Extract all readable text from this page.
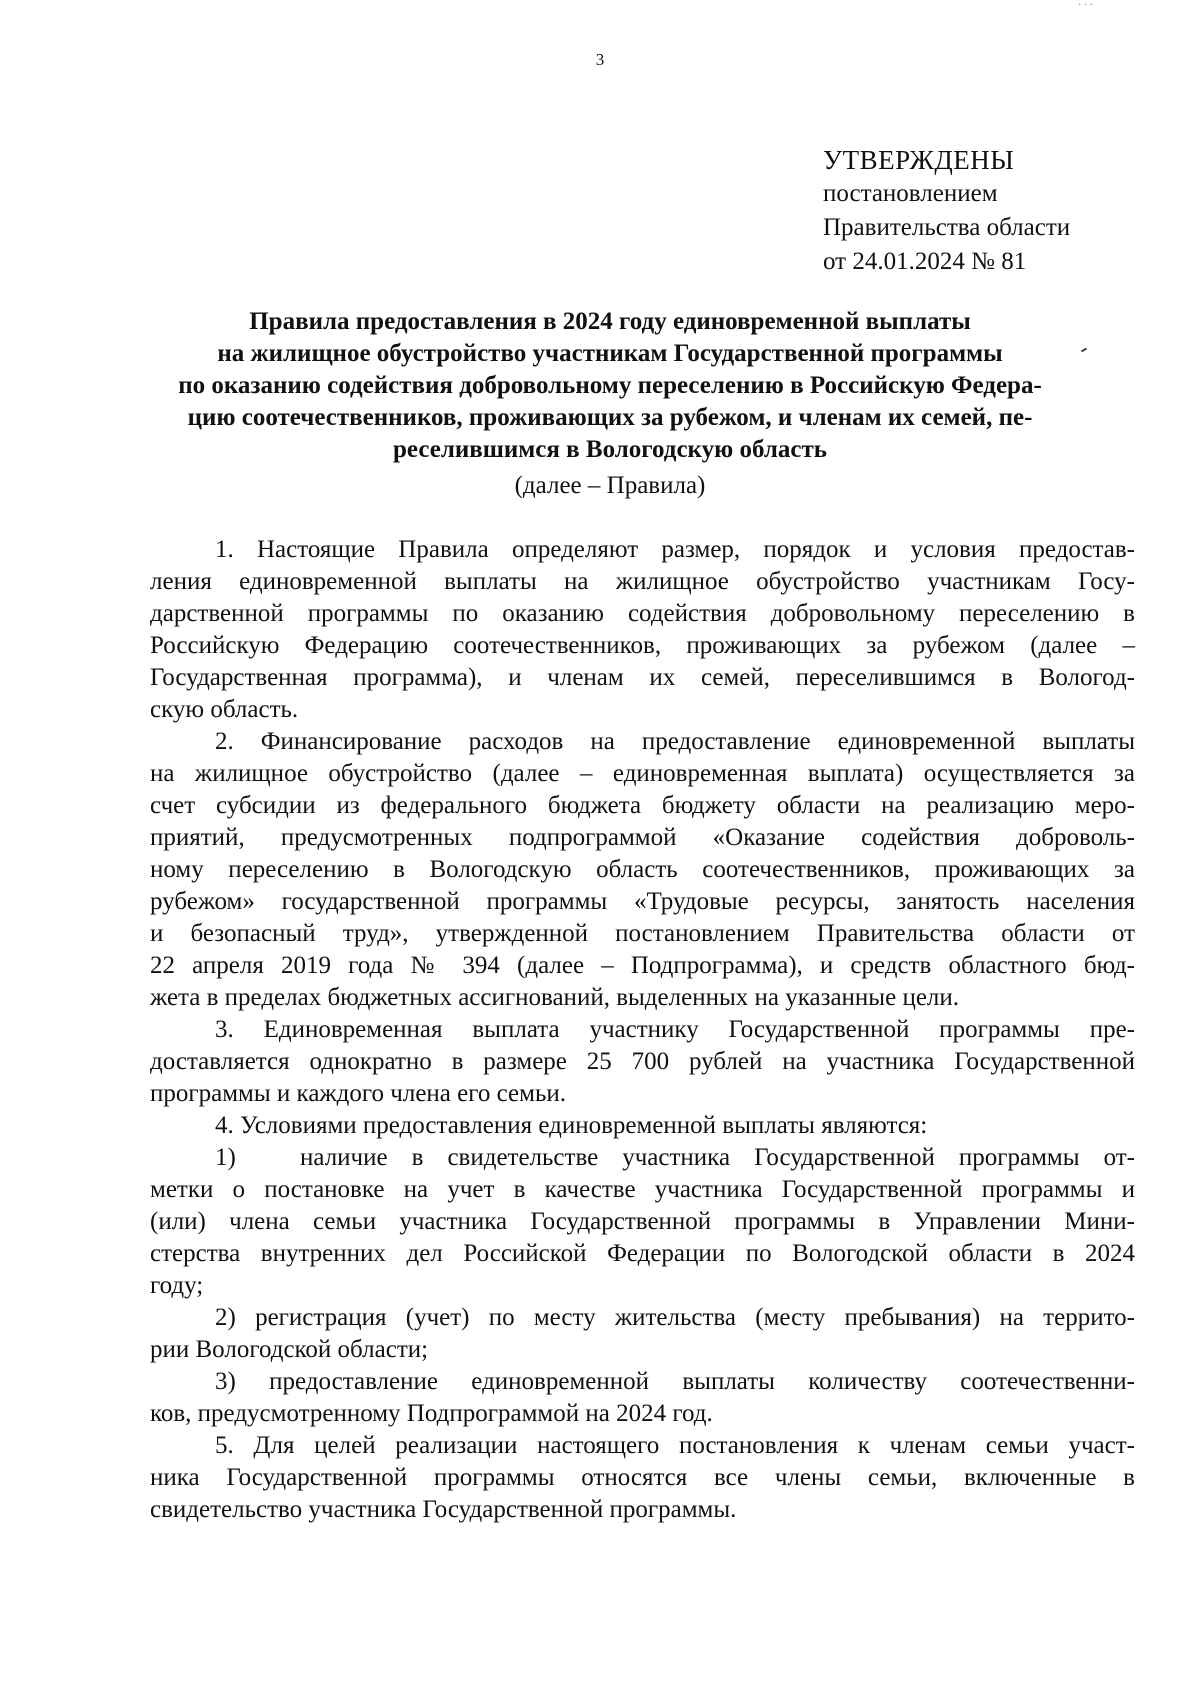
· · ·
3
УТВЕРЖДЕНЫ
постановлением
Правительства области
от 24.01.2024 № 81
Правила предоставления в 2024 году единовременной выплаты
на жилищное обустройство участникам Государственной программы
по оказанию содействия добровольному переселению в Российскую Федера-
цию соотечественников, проживающих за рубежом, и членам их семей, пе-
реселившимся в Вологодскую область
(далее – Правила)
1. Настоящие Правила определяют размер, порядок и условия предостав-
ления единовременной выплаты на жилищное обустройство участникам Госу-
дарственной программы по оказанию содействия добровольному переселению в
Российскую Федерацию соотечественников, проживающих за рубежом (далее –
Государственная программа), и членам их семей, переселившимся в Вологод-
скую область.
2. Финансирование расходов на предоставление единовременной выплаты
на жилищное обустройство (далее – единовременная выплата) осуществляется за
счет субсидии из федерального бюджета бюджету области на реализацию меро-
приятий, предусмотренных подпрограммой «Оказание содействия доброволь-
ному переселению в Вологодскую область соотечественников, проживающих за
рубежом» государственной программы «Трудовые ресурсы, занятость населения
и безопасный труд», утвержденной постановлением Правительства области от
22 апреля 2019 года № 394 (далее – Подпрограмма), и средств областного бюд-
жета в пределах бюджетных ассигнований, выделенных на указанные цели.
3. Единовременная выплата участнику Государственной программы пре-
доставляется однократно в размере 25 700 рублей на участника Государственной
программы и каждого члена его семьи.
4. Условиями предоставления единовременной выплаты являются:
1)	наличие в свидетельстве участника Государственной программы от-
метки о постановке на учет в качестве участника Государственной программы и
(или) члена семьи участника Государственной программы в Управлении Мини-
стерства внутренних дел Российской Федерации по Вологодской области в 2024
году;
2) регистрация (учет) по месту жительства (месту пребывания) на террито-
рии Вологодской области;
3) предоставление единовременной выплаты количеству соотечественни-
ков, предусмотренному Подпрограммой на 2024 год.
5. Для целей реализации настоящего постановления к членам семьи участ-
ника Государственной программы относятся все члены семьи, включенные в
свидетельство участника Государственной программы.
